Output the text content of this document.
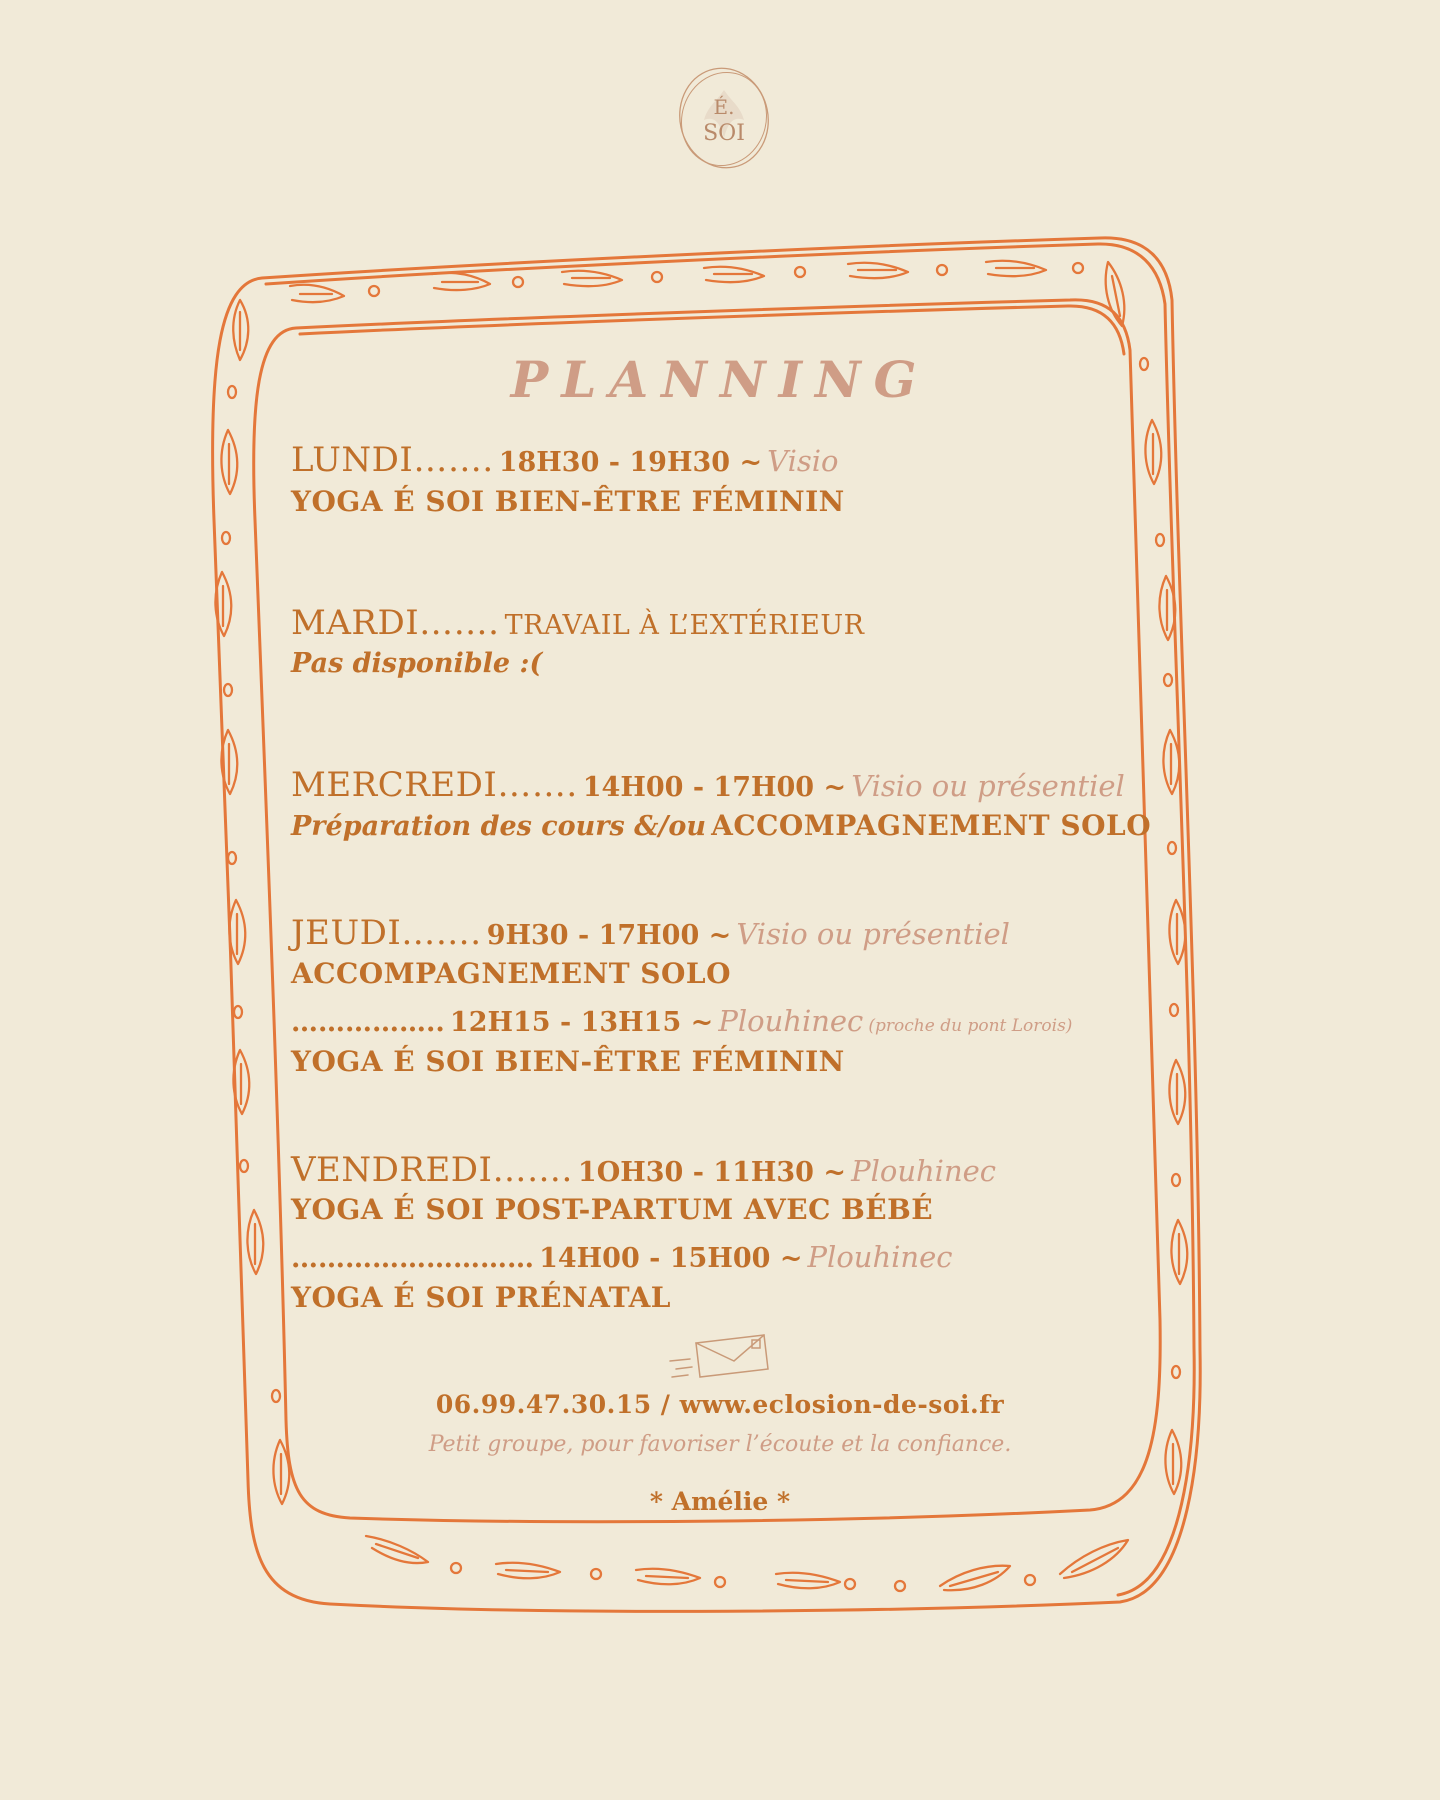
É.
SOI
PLANNING
LUNDI……. 18H30 - 19H30 ~ Visio
YOGA É SOI BIEN-ÊTRE FÉMININ
MARDI……. TRAVAIL À L’EXTÉRIEUR
Pas disponible :(
MERCREDI……. 14H00 - 17H00 ~ Visio ou présentiel
Préparation des cours &/ou ACCOMPAGNEMENT SOLO
JEUDI……. 9H30 - 17H00 ~ Visio ou présentiel
ACCOMPAGNEMENT SOLO
…………….. 12H15 - 13H15 ~ Plouhinec (proche du pont Lorois)
YOGA É SOI BIEN-ÊTRE FÉMININ
VENDREDI……. 1OH30 - 11H30 ~ Plouhinec
YOGA É SOI POST-PARTUM AVEC BÉBÉ
……………………… 14H00 - 15H00 ~ Plouhinec
YOGA É SOI PRÉNATAL
06.99.47.30.15 / www.eclosion-de-soi.fr
Petit groupe, pour favoriser l’écoute et la confiance.
* Amélie *
